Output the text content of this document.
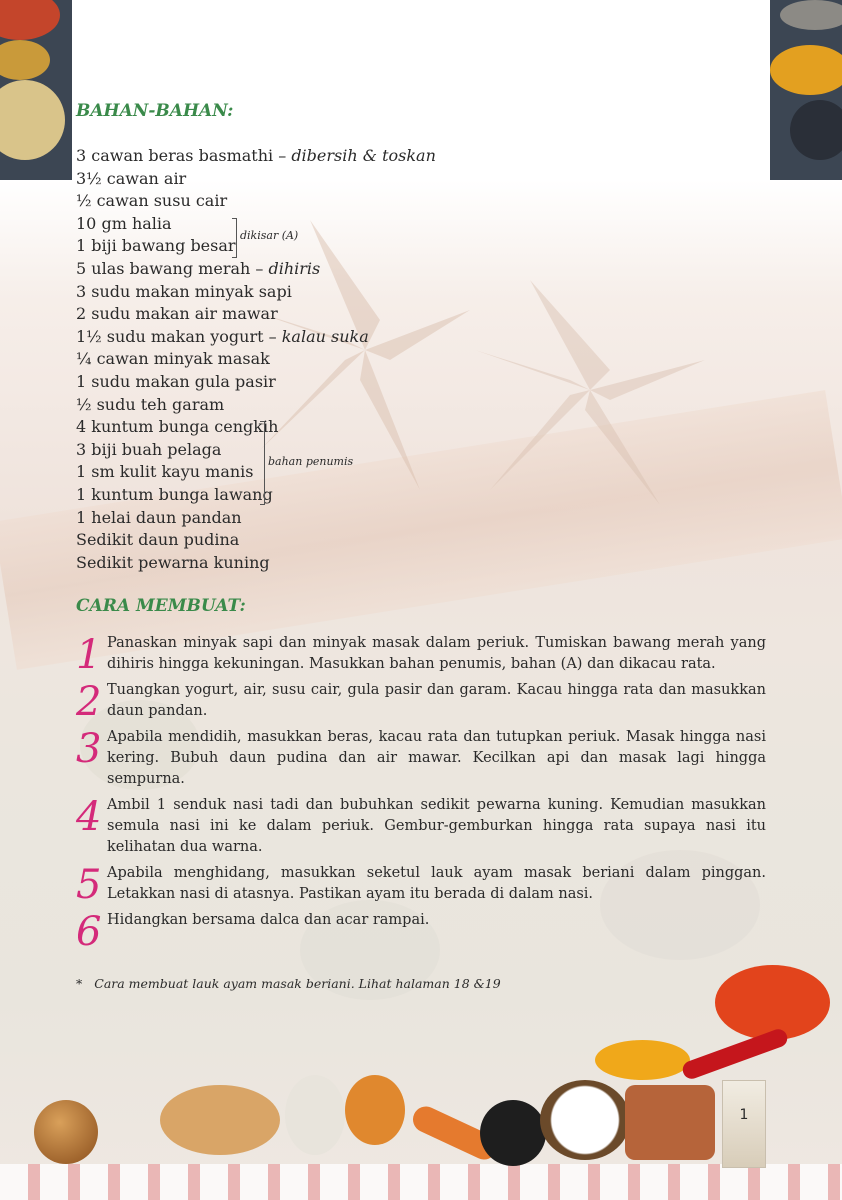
1
BAHAN-BAHAN:
3 cawan beras basmathi – dibersih & toskan
3½ cawan air
½ cawan susu cair
10 gm halia
1 biji bawang besar
5 ulas bawang merah – dihiris
3 sudu makan minyak sapi
2 sudu makan air mawar
1½ sudu makan yogurt – kalau suka
¼ cawan minyak masak
1 sudu makan gula pasir
½ sudu teh garam
4 kuntum bunga cengkih
3 biji buah pelaga
1 sm kulit kayu manis
1 kuntum bunga lawang
1 helai daun pandan
Sedikit daun pudina
Sedikit pewarna kuning
dikisar (A)
bahan penumis
CARA MEMBUAT:
1 Panaskan minyak sapi dan minyak masak dalam periuk. Tumiskan bawang merah yang dihiris hingga kekuningan. Masukkan bahan penumis, bahan (A) dan dikacau rata.
2 Tuangkan yogurt, air, susu cair, gula pasir dan garam. Kacau hingga rata dan masukkan daun pandan.
3 Apabila mendidih, masukkan beras, kacau rata dan tutupkan periuk. Masak hingga nasi kering. Bubuh daun pudina dan air mawar. Kecilkan api dan masak lagi hingga sempurna.
4 Ambil 1 senduk nasi tadi dan bubuhkan sedikit pewarna kuning. Kemudian masukkan semula nasi ini ke dalam periuk. Gembur-gemburkan hingga rata supaya nasi itu kelihatan dua warna.
5 Apabila menghidang, masukkan seketul lauk ayam masak beriani dalam pinggan. Letakkan nasi di atasnya. Pastikan ayam itu berada di dalam nasi.
6 Hidangkan bersama dalca dan acar rampai.
* Cara membuat lauk ayam masak beriani. Lihat halaman 18 &19
